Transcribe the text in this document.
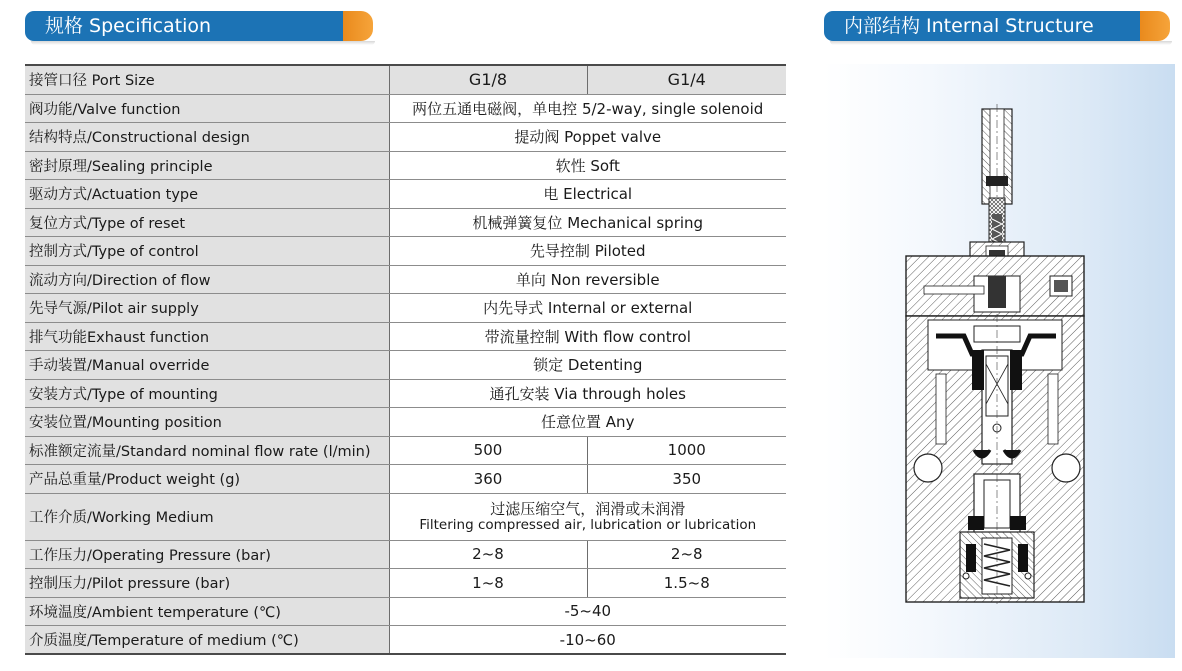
规格 Specification	内部结构 Internal Structure
接管口径 Port Size	G1/8	G1/4
阀功能/Valve function	两位五通电磁阀，单电控 5/2-way, single solenoid	
结构特点/Constructional design	提动阀 Poppet valve	
密封原理/Sealing principle	软性 Soft	
驱动方式/Actuation type	电 Electrical	
复位方式/Type of reset	机械弹簧复位 Mechanical spring	
控制方式/Type of control	先导控制 Piloted	
流动方向/Direction of flow	单向 Non reversible	
先导气源/Pilot air supply	内先导式 Internal or external	
排气功能Exhaust function	带流量控制 With flow control	
手动装置/Manual override	锁定 Detenting	
安装方式/Type of mounting	通孔安装 Via through holes	
安装位置/Mounting position	任意位置 Any	
标准额定流量/Standard nominal flow rate (l/min)	500	1000
产品总重量/Product weight (g)	360	350
工作介质/Working Medium	过滤压缩空气，润滑或未润滑
Filtering compressed air, lubrication or lubrication	

工作压力/Operating Pressure (bar)	2~8	2~8
控制压力/Pilot pressure (bar)	1~8	1.5~8
环境温度/Ambient temperature (℃)	-5~40	
介质温度/Temperature of medium (℃)	-10~60	
